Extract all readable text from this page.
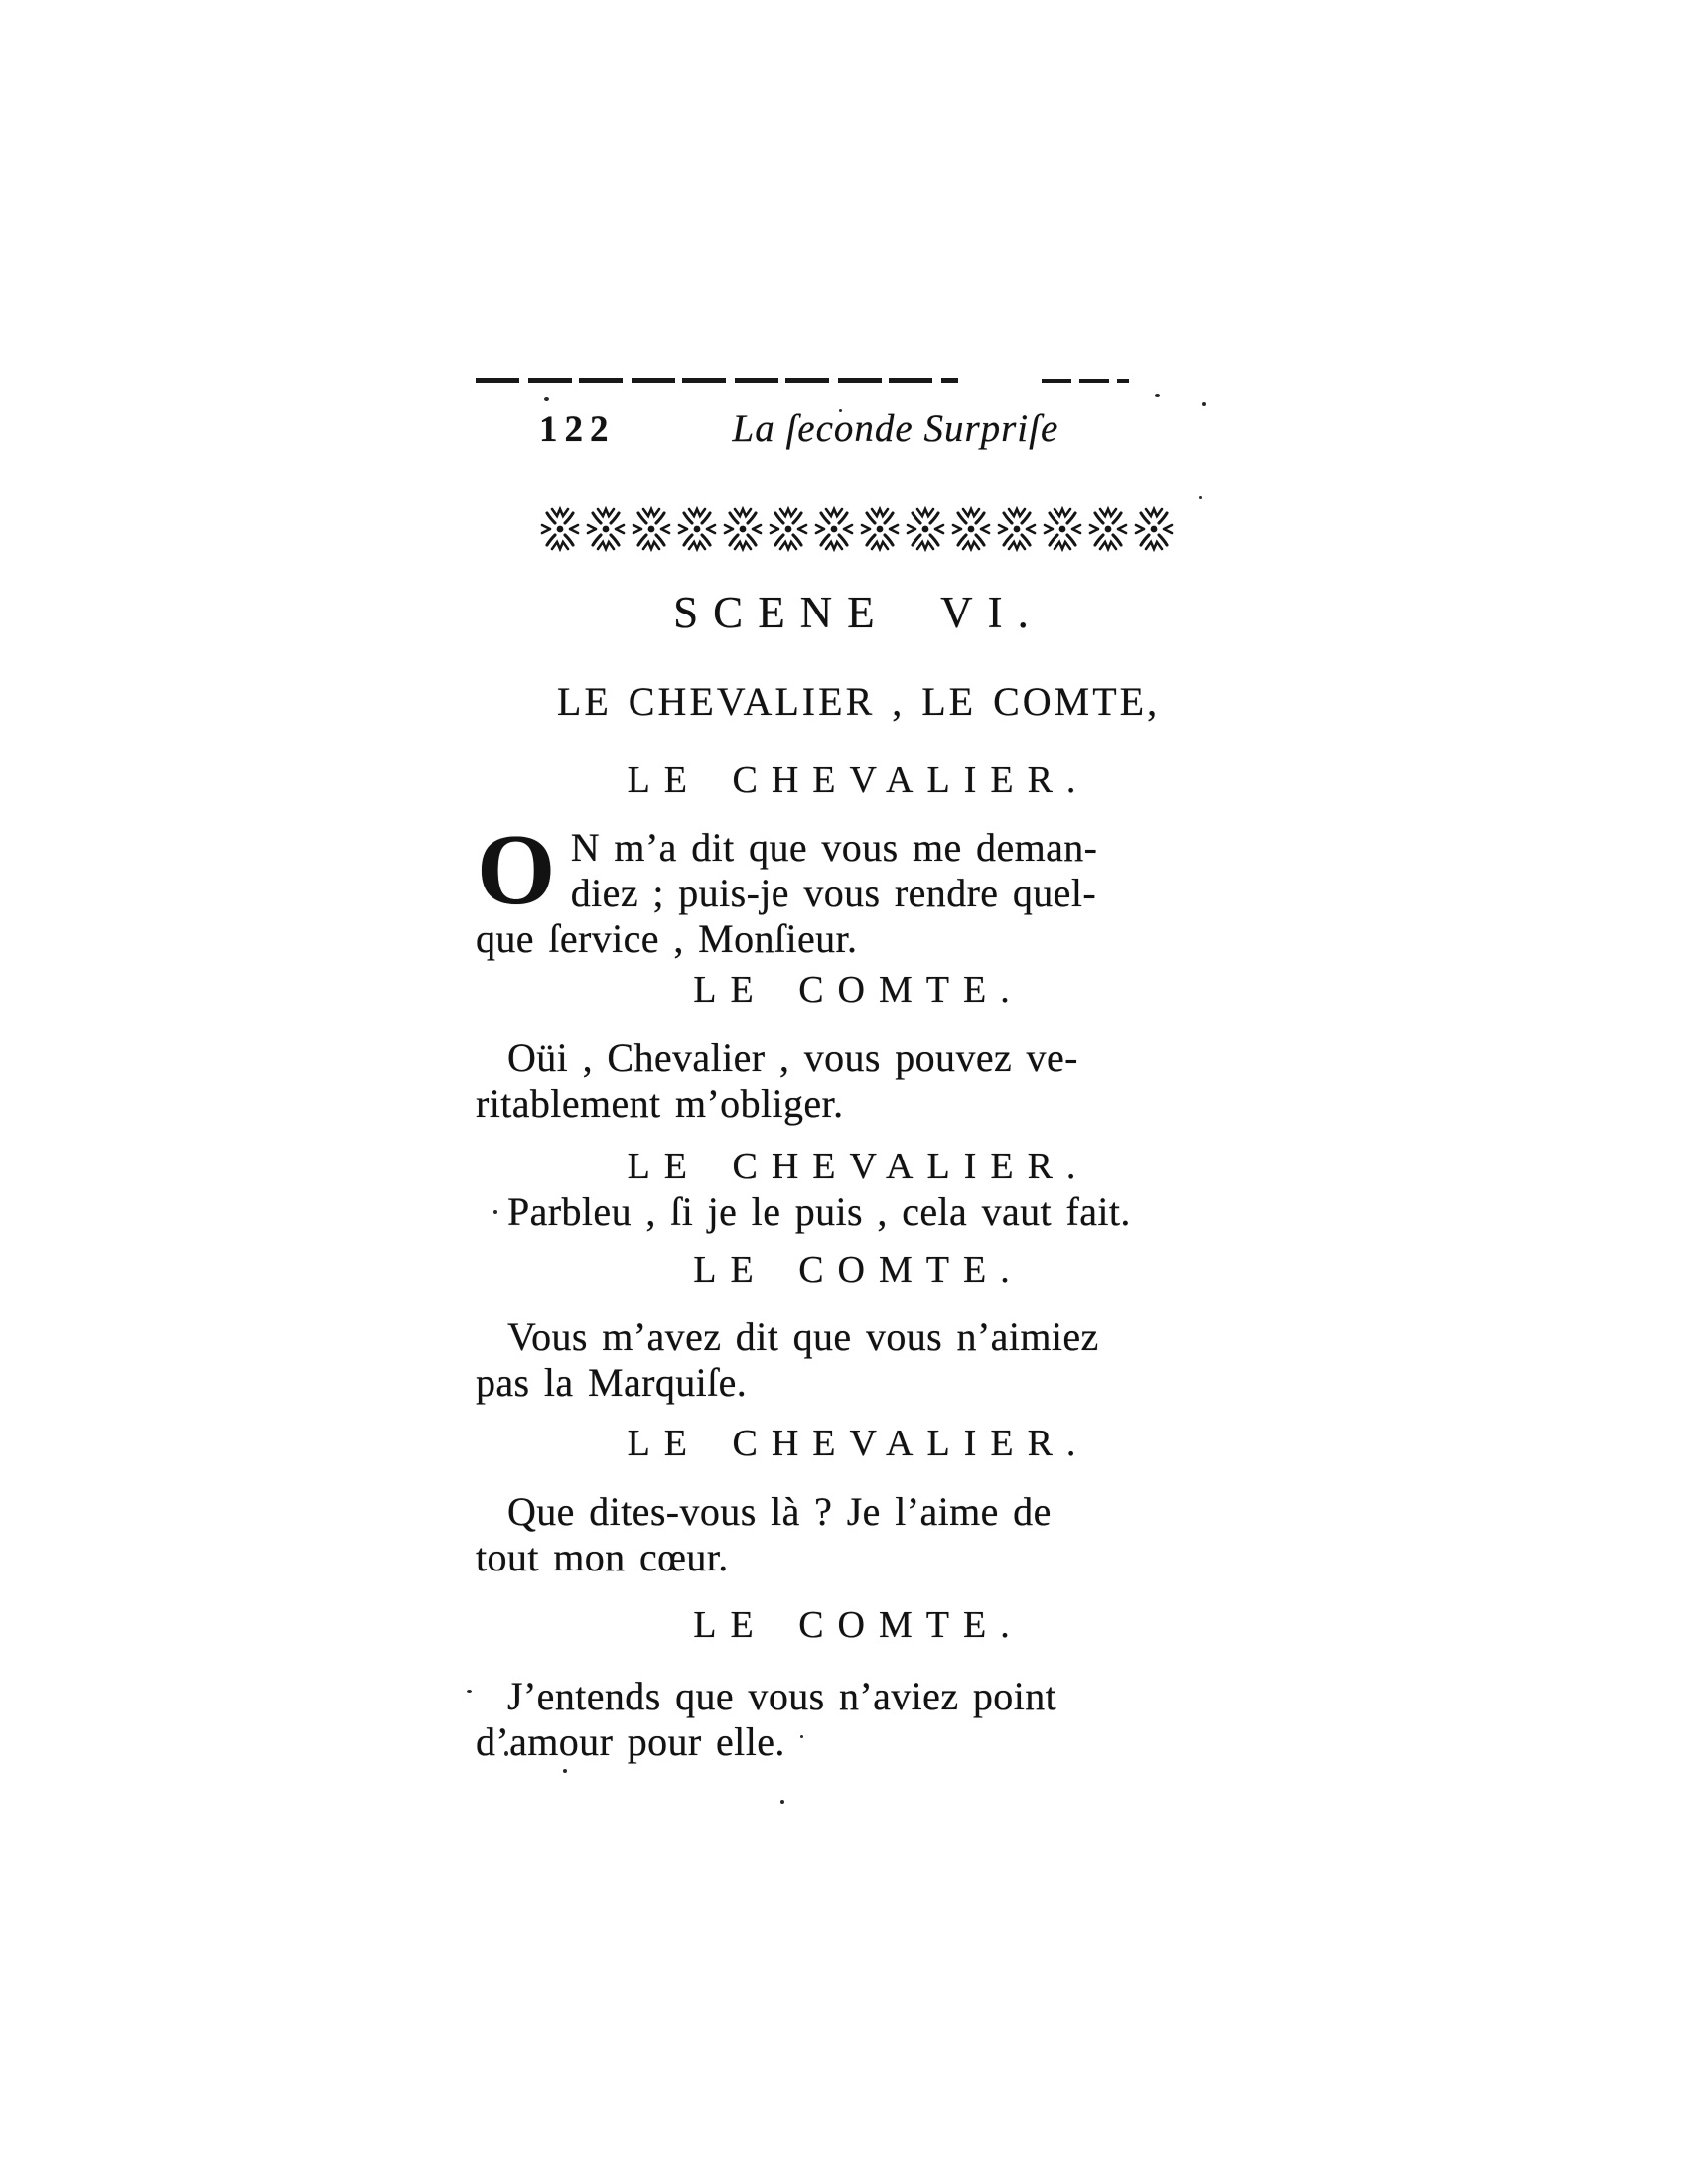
122	La ſeconde Surpriſe
SCENE VI.
LE CHEVALIER , LE COMTE,
LE CHEVALIER.
O N m’a dit que vous me deman-
diez ; puis-je vous rendre quel-
que ſervice , Monſieur.
LE COMTE.
Oüi , Chevalier , vous pouvez ve-
ritablement m’obliger.
LE CHEVALIER.
Parbleu , ſi je le puis , cela vaut fait.
LE COMTE.
Vous m’avez dit que vous n’aimiez
pas la Marquiſe.
LE CHEVALIER.
Que dites-vous là ? Je l’aime de
tout mon cœur.
LE COMTE.
J’entends que vous n’aviez point
d’amour pour elle.
